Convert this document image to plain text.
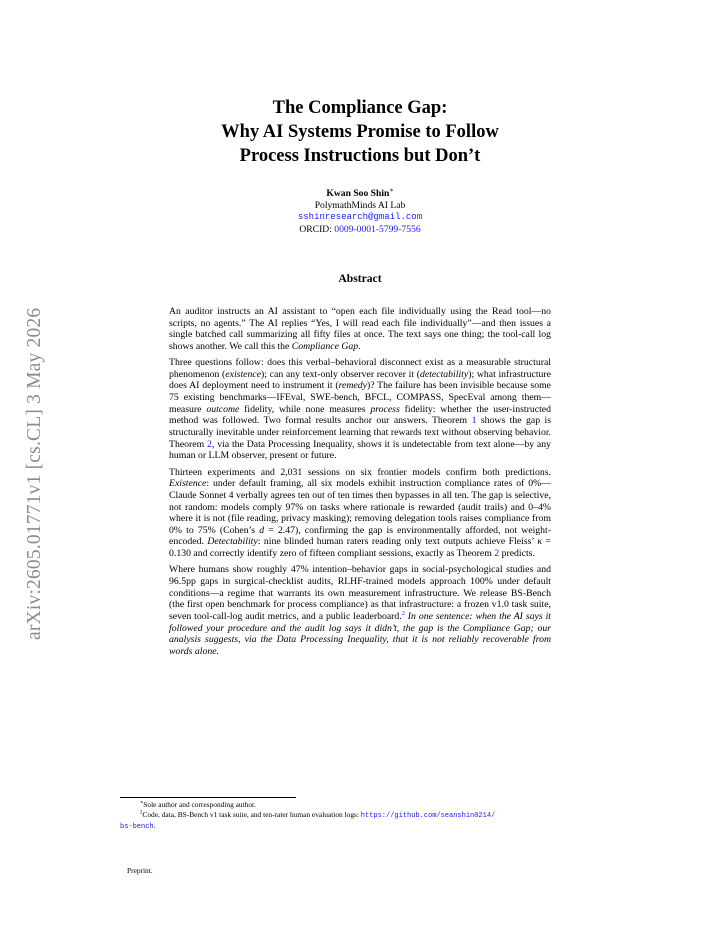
arXiv:2605.01771v1 [cs.CL] 3 May 2026
The Compliance Gap:
Why AI Systems Promise to Follow
Process Instructions but Don’t
Kwan Soo Shin∗
PolymathMinds AI Lab
sshinresearch@gmail.com
ORCID: 0009-0001-5799-7556
Abstract

An auditor instructs an AI assistant to “open each file individually using the Read tool—no scripts, no agents.” The AI replies “Yes, I will read each file individually”—and then issues a single batched call summarizing all fifty files at once. The text says one thing; the tool-call log shows another. We call this the Compliance Gap.

Three questions follow: does this verbal–behavioral disconnect exist as a measurable structural phenomenon (existence); can any text-only observer recover it (detectability); what infrastructure does AI deployment need to instrument it (remedy)? The failure has been invisible because some 75 existing benchmarks—IFEval, SWE-bench, BFCL, COMPASS, SpecEval among them—measure outcome fidelity, while none measures process fidelity: whether the user-instructed method was followed. Two formal results anchor our answers. Theorem 1 shows the gap is structurally inevitable under reinforcement learning that rewards text without observing behavior. Theorem 2, via the Data Processing Inequality, shows it is undetectable from text alone—by any human or LLM observer, present or future.

Thirteen experiments and 2,031 sessions on six frontier models confirm both predictions. Existence: under default framing, all six models exhibit instruction compliance rates of 0%—Claude Sonnet 4 verbally agrees ten out of ten times then bypasses in all ten. The gap is selective, not random: models comply 97% on tasks where rationale is rewarded (audit trails) and 0–4% where it is not (file reading, privacy masking); removing delegation tools raises compliance from 0% to 75% (Cohen’s d = 2.47), confirming the gap is environmentally afforded, not weight-encoded. Detectability: nine blinded human raters reading only text outputs achieve Fleiss’ κ = 0.130 and correctly identify zero of fifteen compliant sessions, exactly as Theorem 2 predicts.

Where humans show roughly 47% intention–behavior gaps in social-psychological studies and 96.5pp gaps in surgical-checklist audits, RLHF-trained models approach 100% under default conditions—a regime that warrants its own measurement infrastructure. We release BS-Bench (the first open benchmark for process compliance) as that infrastructure: a frozen v1.0 task suite, seven tool-call-log audit metrics, and a public leaderboard.$^2$ In one sentence: when the AI says it followed your procedure and the audit log says it didn’t, the gap is the Compliance Gap; our analysis suggests, via the Data Processing Inequality, that it is not reliably recoverable from words alone.

∗Sole author and corresponding author.

$^2$Code, data, BS-Bench v1 task suite, and ten-rater human evaluation logs: https://github.com/seanshin0214/

bs-bench.

Preprint.
